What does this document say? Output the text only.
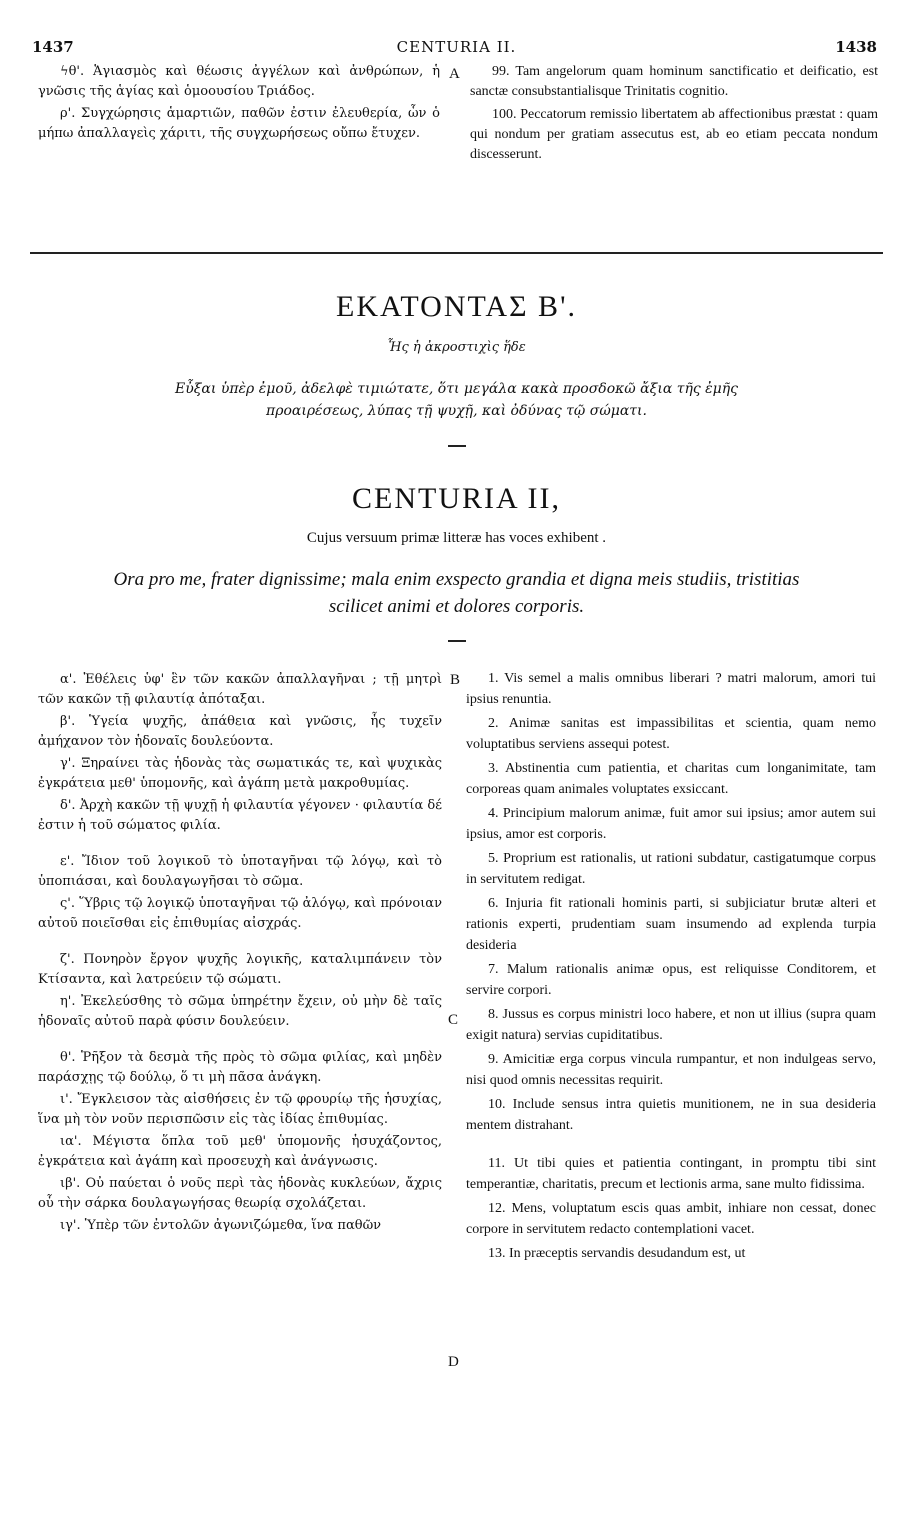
1437	CENTURIA II.	1438
ϟθ'. Ἁγιασμὸς καὶ θέωσις ἀγγέλων καὶ ἀνθρώπων, ἡ γνῶσις τῆς ἁγίας καὶ ὁμοουσίου Τριάδος.
ρ'. Συγχώρησις ἁμαρτιῶν, παθῶν ἐστιν ἐλευθερία, ὧν ὁ μήπω ἀπαλλαγεὶς χάριτι, τῆς συγχωρήσεως οὔπω ἔτυχεν.
99. Tam angelorum quam hominum sanctificatio et deificatio, est sanctæ consubstantialisque Trinitatis cognitio.
100. Peccatorum remissio libertatem ab affectionibus præstat : quam qui nondum per gratiam assecutus est, ab eo etiam peccata nondum discesserunt.
A
ΕΚΑΤΟΝΤΑΣ Β'.
Ἧς ἡ ἀκροστιχὶς ἥδε
Εὖξαι ὑπὲρ ἐμοῦ, ἀδελφὲ τιμιώτατε, ὅτι μεγάλα κακὰ προσδοκῶ ἄξια τῆς ἐμῆς προαιρέσεως, λύπας τῇ ψυχῇ, καὶ ὀδύνας τῷ σώματι.
CENTURIA II,
Cujus versuum primæ litteræ has voces exhibent .
Ora pro me, frater dignissime; mala enim exspecto grandia et digna meis studiis, tristitias scilicet animi et dolores corporis.
α'. Ἐθέλεις ὑφ' ἓν τῶν κακῶν ἀπαλλαγῆναι ; τῇ μητρὶ τῶν κακῶν τῇ φιλαυτίᾳ ἀπόταξαι.
β'. Ὑγεία ψυχῆς, ἀπάθεια καὶ γνῶσις, ἧς τυχεῖν ἀμήχανον τὸν ἡδοναῖς δουλεύοντα.
γ'. Ξηραίνει τὰς ἡδονὰς τὰς σωματικάς τε, καὶ ψυχικὰς ἐγκράτεια μεθ' ὑπομονῆς, καὶ ἀγάπη μετὰ μακροθυμίας.
δ'. Ἀρχὴ κακῶν τῇ ψυχῇ ἡ φιλαυτία γέγονεν · φιλαυτία δέ ἐστιν ἡ τοῦ σώματος φιλία.
ε'. Ἴδιον τοῦ λογικοῦ τὸ ὑποταγῆναι τῷ λόγῳ, καὶ τὸ ὑποπιάσαι, καὶ δουλαγωγῆσαι τὸ σῶμα.
ς'. Ὕβρις τῷ λογικῷ ὑποταγῆναι τῷ ἀλόγῳ, καὶ πρόνοιαν αὐτοῦ ποιεῖσθαι εἰς ἐπιθυμίας αἰσχράς.
ζ'. Πονηρὸν ἔργον ψυχῆς λογικῆς, καταλιμπάνειν τὸν Κτίσαντα, καὶ λατρεύειν τῷ σώματι.
η'. Ἐκελεύσθης τὸ σῶμα ὑπηρέτην ἔχειν, οὐ μὴν δὲ ταῖς ἡδοναῖς αὐτοῦ παρὰ φύσιν δουλεύειν.
θ'. Ῥῆξον τὰ δεσμὰ τῆς πρὸς τὸ σῶμα φιλίας, καὶ μηδὲν παράσχῃς τῷ δούλῳ, ὅ τι μὴ πᾶσα ἀνάγκη.
ι'. Ἔγκλεισον τὰς αἰσθήσεις ἐν τῷ φρουρίῳ τῆς ἡσυχίας, ἵνα μὴ τὸν νοῦν περισπῶσιν εἰς τὰς ἰδίας ἐπιθυμίας.
ια'. Μέγιστα ὅπλα τοῦ μεθ' ὑπομονῆς ἡσυχάζοντος, ἐγκράτεια καὶ ἀγάπη καὶ προσευχὴ καὶ ἀνάγνωσις.
ιβ'. Οὐ παύεται ὁ νοῦς περὶ τὰς ἡδονὰς κυκλεύων, ἄχρις οὗ τὴν σάρκα δουλαγωγήσας θεωρίᾳ σχολάζεται.
ιγ'. Ὑπὲρ τῶν ἐντολῶν ἀγωνιζώμεθα, ἵνα παθῶν
1. Vis semel a malis omnibus liberari ? matri malorum, amori tui ipsius renuntia.
2. Animæ sanitas est impassibilitas et scientia, quam nemo voluptatibus serviens assequi potest.
3. Abstinentia cum patientia, et charitas cum longanimitate, tam corporeas quam animales voluptates exsiccant.
4. Principium malorum animæ, fuit amor sui ipsius; amor autem sui ipsius, amor est corporis.
5. Proprium est rationalis, ut rationi subdatur, castigatumque corpus in servitutem redigat.
6. Injuria fit rationali hominis parti, si subjiciatur brutæ alteri et rationis experti, prudentiam suam insumendo ad explenda turpia desideria
7. Malum rationalis animæ opus, est reliquisse Conditorem, et servire corpori.
8. Jussus es corpus ministri loco habere, et non ut illius (supra quam exigit natura) servias cupiditatibus.
9. Amicitiæ erga corpus vincula rumpantur, et non indulgeas servo, nisi quod omnis necessitas requirit.
10. Include sensus intra quietis munitionem, ne in sua desideria mentem distrahant.
11. Ut tibi quies et patientia contingant, in promptu tibi sint temperantiæ, charitatis, precum et lectionis arma, sane multo fidissima.
12. Mens, voluptatum escis quas ambit, inhiare non cessat, donec corpore in servitutem redacto contemplationi vacet.
13. In præceptis servandis desudandum est, ut
B
C
D
